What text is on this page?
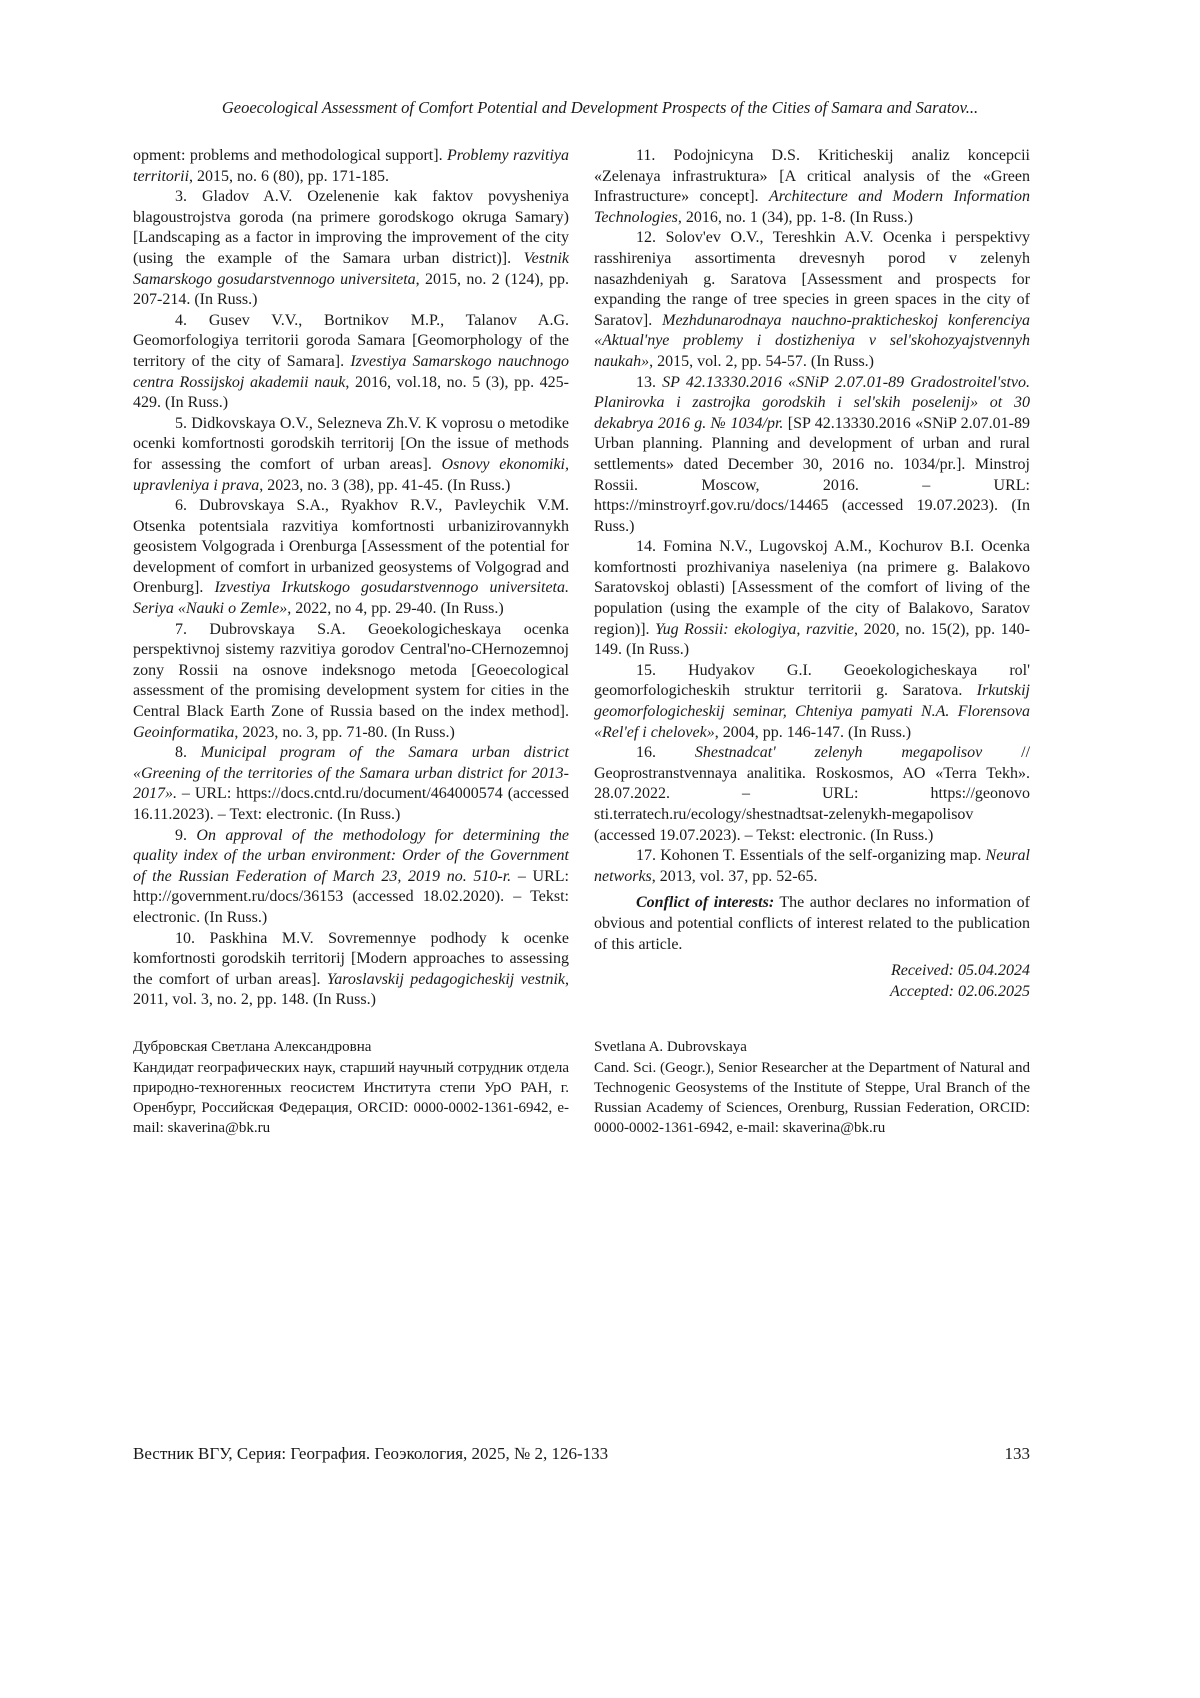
Geoecological Assessment of Comfort Potential and Development Prospects of the Cities of Samara and Saratov...

opment: problems and methodological support]. Problemy razvitiya territorii, 2015, no. 6 (80), pp. 171-185.

3. Gladov A.V. Ozelenenie kak faktov povysheniya blagoustrojstva goroda (na primere gorodskogo okruga Samary) [Landscaping as a factor in improving the improvement of the city (using the example of the Samara urban district)]. Vestnik Samarskogo gosudarstvennogo universiteta, 2015, no. 2 (124), pp. 207-214. (In Russ.)

4. Gusev V.V., Bortnikov M.P., Talanov A.G. Geomorfologiya territorii goroda Samara [Geomorphology of the territory of the city of Samara]. Izvestiya Samarskogo nauchnogo centra Rossijskoj akademii nauk, 2016, vol.18, no. 5 (3), pp. 425-429. (In Russ.)

5. Didkovskaya O.V., Selezneva Zh.V. K voprosu o metodike ocenki komfortnosti gorodskih territorij [On the issue of methods for assessing the comfort of urban areas]. Osnovy ekonomiki, upravleniya i prava, 2023, no. 3 (38), pp. 41-45. (In Russ.)

6. Dubrovskaya S.A., Ryakhov R.V., Pavleychik V.M. Otsenka potentsiala razvitiya komfortnosti urbanizirovannykh geosistem Volgograda i Orenburga [Assessment of the potential for development of comfort in urbanized geosystems of Volgograd and Orenburg]. Izvestiya Irkutskogo gosudarstvennogo universiteta. Seriya «Nauki o Zemle», 2022, no 4, pp. 29-40. (In Russ.)

7. Dubrovskaya S.A. Geoekologicheskaya ocenka perspektivnoj sistemy razvitiya gorodov Central'no-CHernozemnoj zony Rossii na osnove indeksnogo metoda [Geoecological assessment of the promising development system for cities in the Central Black Earth Zone of Russia based on the index method]. Geoinformatika, 2023, no. 3, pp. 71-80. (In Russ.)

8. Municipal program of the Samara urban district «Greening of the territories of the Samara urban district for 2013-2017». – URL: https://docs.cntd.ru/document/464000574 (accessed 16.11.2023). – Text: electronic. (In Russ.)

9. On approval of the methodology for determining the quality index of the urban environment: Order of the Government of the Russian Federation of March 23, 2019 no. 510-r. – URL: http://government.ru/docs/36153 (accessed 18.02.2020). – Tekst: electronic. (In Russ.)

10. Paskhina M.V. Sovremennye podhody k ocenke komfortnosti gorodskih territorij [Modern approaches to assessing the comfort of urban areas]. Yaroslavskij pedagogicheskij vestnik, 2011, vol. 3, no. 2, pp. 148. (In Russ.)

11. Podojnicyna D.S. Kriticheskij analiz koncepcii «Zelenaya infrastruktura» [A critical analysis of the «Green Infrastructure» concept]. Architecture and Modern Information Technologies, 2016, no. 1 (34), pp. 1-8. (In Russ.)

12. Solov'ev O.V., Tereshkin A.V. Ocenka i perspektivy rasshireniya assortimenta drevesnyh porod v zelenyh nasazhdeniyah g. Saratova [Assessment and prospects for expanding the range of tree species in green spaces in the city of Saratov]. Mezhdunarodnaya nauchno-prakticheskoj konferenciya «Aktual'nye problemy i dostizheniya v sel'skohozyajstvennyh naukah», 2015, vol. 2, pp. 54-57. (In Russ.)

13. SP 42.13330.2016 «SNiP 2.07.01-89 Gradostroitel'stvo. Planirovka i zastrojka gorodskih i sel'skih poselenij» ot 30 dekabrya 2016 g. № 1034/pr. [SP 42.13330.2016 «SNiP 2.07.01-89 Urban planning. Planning and development of urban and rural settlements» dated December 30, 2016 no. 1034/pr.]. Minstroj Rossii. Moscow, 2016. – URL: https://minstroyrf.gov.ru/docs/14465 (accessed 19.07.2023). (In Russ.)

14. Fomina N.V., Lugovskoj A.M., Kochurov B.I. Ocenka komfortnosti prozhivaniya naseleniya (na primere g. Balakovo Saratovskoj oblasti) [Assessment of the comfort of living of the population (using the example of the city of Balakovo, Saratov region)]. Yug Rossii: ekologiya, razvitie, 2020, no. 15(2), pp. 140-149. (In Russ.)

15. Hudyakov G.I. Geoekologicheskaya rol' geomorfologicheskih struktur territorii g. Saratova. Irkutskij geomorfologicheskij seminar, Chteniya pamyati N.A. Florensova «Rel'ef i chelovek», 2004, pp. 146-147. (In Russ.)

16. Shestnadcat' zelenyh megapolisov // Geoprostranstvennaya analitika. Roskosmos, AO «Terra Tekh». 28.07.2022. – URL: https://geonovo sti.terratech.ru/ecology/shestnadtsat-zelenykh-megapolisov (accessed 19.07.2023). – Tekst: electronic. (In Russ.)

17. Kohonen T. Essentials of the self-organizing map. Neural networks, 2013, vol. 37, pp. 52-65.

Conflict of interests: The author declares no information of obvious and potential conflicts of interest related to the publication of this article.

Received: 05.04.2024
Accepted: 02.06.2025
Дубровская Светлана Александровна
Кандидат географических наук, старший научный сотрудник отдела природно-техногенных геосистем Института степи УрО РАН, г. Оренбург, Российская Федерация, ORCID: 0000-0002-1361-6942, e-mail: skaverina@bk.ru
Svetlana A. Dubrovskaya
Cand. Sci. (Geogr.), Senior Researcher at the Department of Natural and Technogenic Geosystems of the Institute of Steppe, Ural Branch of the Russian Academy of Sciences, Orenburg, Russian Federation, ORCID: 0000-0002-1361-6942, e-mail: skaverina@bk.ru
Вестник ВГУ, Серия: География. Геоэкология, 2025, № 2, 126-133	133
